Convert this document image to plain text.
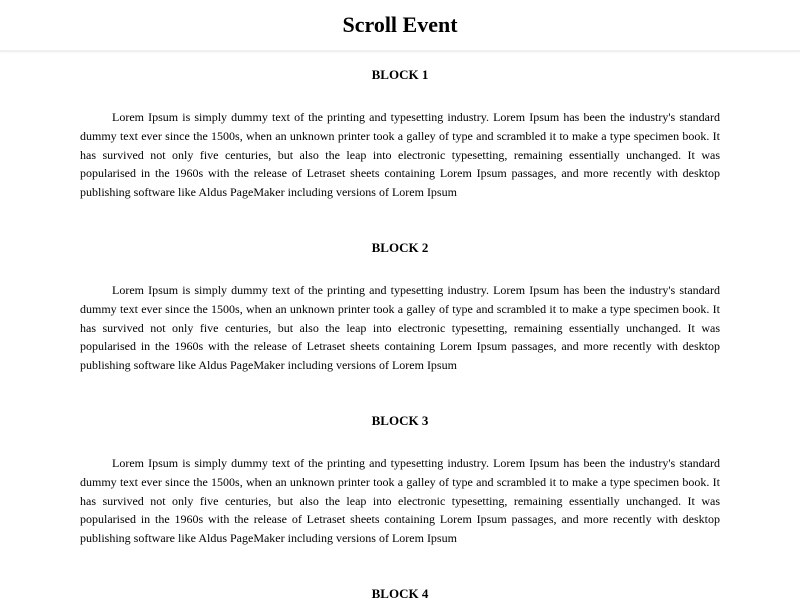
Scroll Event
BLOCK 1

Lorem Ipsum is simply dummy text of the printing and typesetting industry. Lorem Ipsum has been the industry's standard dummy text ever since the 1500s, when an unknown printer took a galley of type and scrambled it to make a type specimen book. It has survived not only five centuries, but also the leap into electronic typesetting, remaining essentially unchanged. It was popularised in the 1960s with the release of Letraset sheets containing Lorem Ipsum passages, and more recently with desktop publishing software like Aldus PageMaker including versions of Lorem Ipsum

BLOCK 2

Lorem Ipsum is simply dummy text of the printing and typesetting industry. Lorem Ipsum has been the industry's standard dummy text ever since the 1500s, when an unknown printer took a galley of type and scrambled it to make a type specimen book. It has survived not only five centuries, but also the leap into electronic typesetting, remaining essentially unchanged. It was popularised in the 1960s with the release of Letraset sheets containing Lorem Ipsum passages, and more recently with desktop publishing software like Aldus PageMaker including versions of Lorem Ipsum

BLOCK 3

Lorem Ipsum is simply dummy text of the printing and typesetting industry. Lorem Ipsum has been the industry's standard dummy text ever since the 1500s, when an unknown printer took a galley of type and scrambled it to make a type specimen book. It has survived not only five centuries, but also the leap into electronic typesetting, remaining essentially unchanged. It was popularised in the 1960s with the release of Letraset sheets containing Lorem Ipsum passages, and more recently with desktop publishing software like Aldus PageMaker including versions of Lorem Ipsum

BLOCK 4
